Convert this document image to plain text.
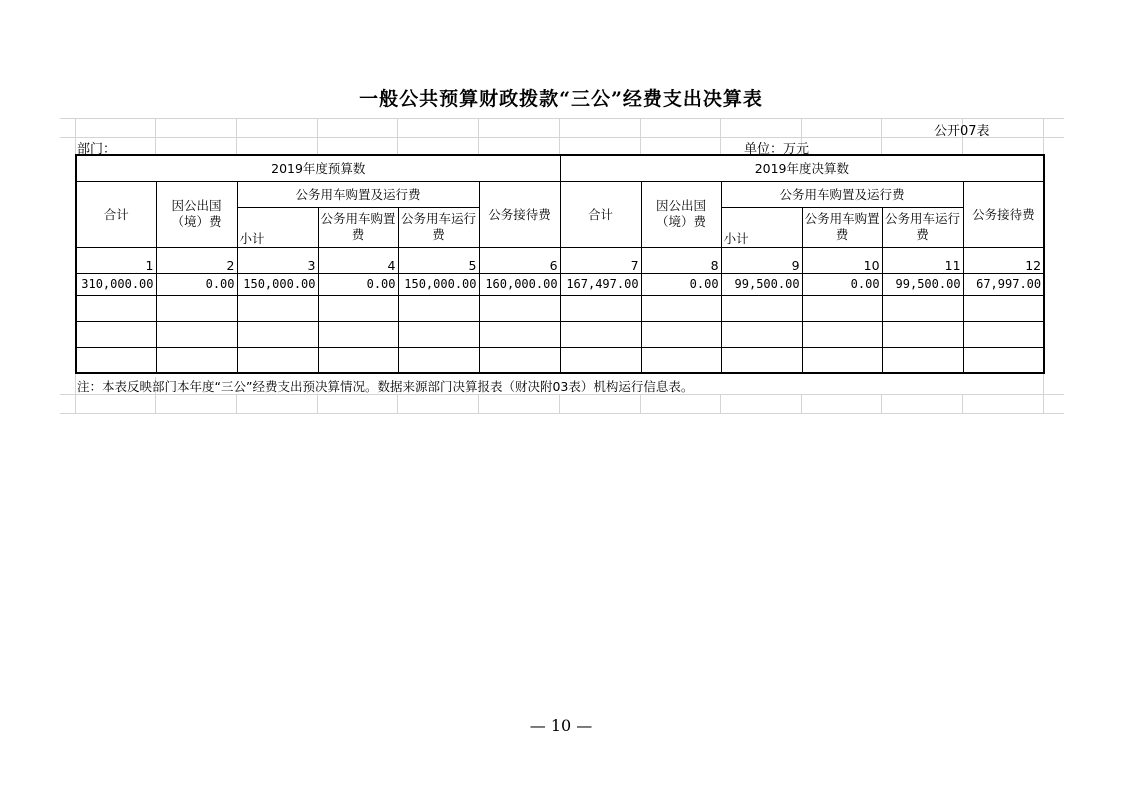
一般公共预算财政拨款“三公”经费支出决算表
公开07表
部门：	单位：万元
2019年度预算数						2019年度决算数					
合计	因公出国（境）费	公务用车购置及运行费			公务接待费	合计	因公出国（境）费	公务用车购置及运行费			公务接待费
		小计	公务用车购置费	公务用车运行费				小计	公务用车购置费	公务用车运行费	
1	2	3	4	5	6	7	8	9	10	11	12
310,000.00	0.00	150,000.00	0.00	150,000.00	160,000.00	167,497.00	0.00	99,500.00	0.00	99,500.00	67,997.00

注：本表反映部门本年度“三公”经费支出预决算情况。数据来源部门决算报表（财决附03表）机构运行信息表。
— 10 —
